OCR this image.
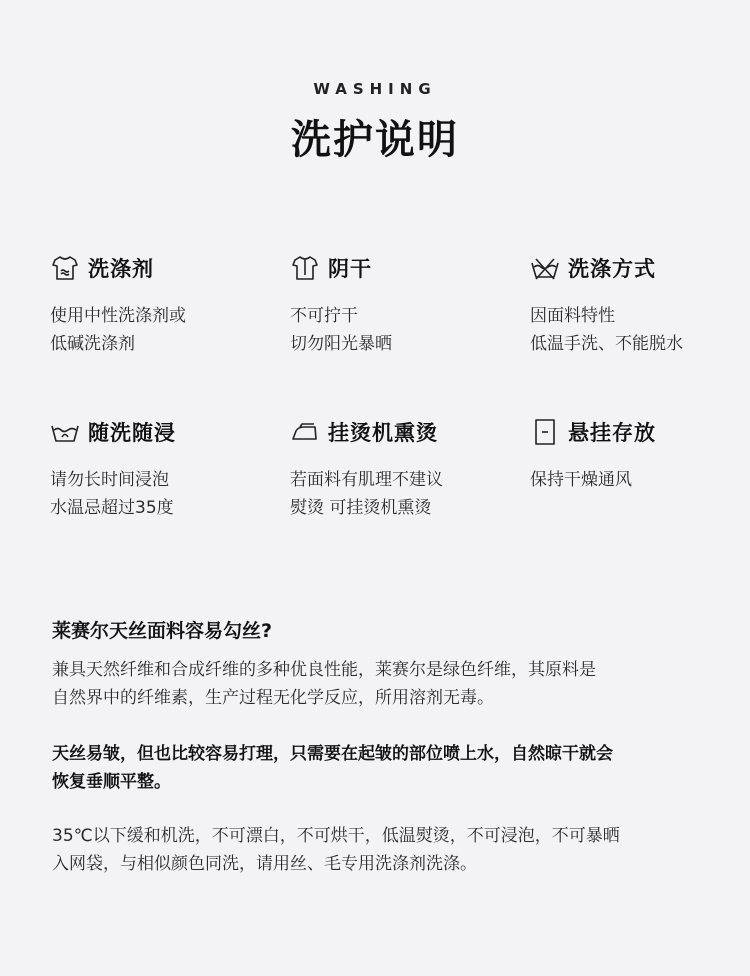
WASHING
洗护说明
洗涤剂
使用中性洗涤剂或
低碱洗涤剂
阴干
不可拧干
切勿阳光暴晒
洗涤方式
因面料特性
低温手洗、不能脱水
随洗随浸
请勿长时间浸泡
水温忌超过35度
挂烫机熏烫
若面料有肌理不建议
熨烫 可挂烫机熏烫
悬挂存放
保持干燥通风
莱赛尔天丝面料容易勾丝?
兼具天然纤维和合成纤维的多种优良性能，莱赛尔是绿色纤维，其原料是
自然界中的纤维素，生产过程无化学反应，所用溶剂无毒。
天丝易皱，但也比较容易打理，只需要在起皱的部位喷上水，自然晾干就会
恢复垂顺平整。
35℃以下缓和机洗，不可漂白，不可烘干，低温熨烫，不可浸泡，不可暴晒
入网袋，与相似颜色同洗，请用丝、毛专用洗涤剂洗涤。
